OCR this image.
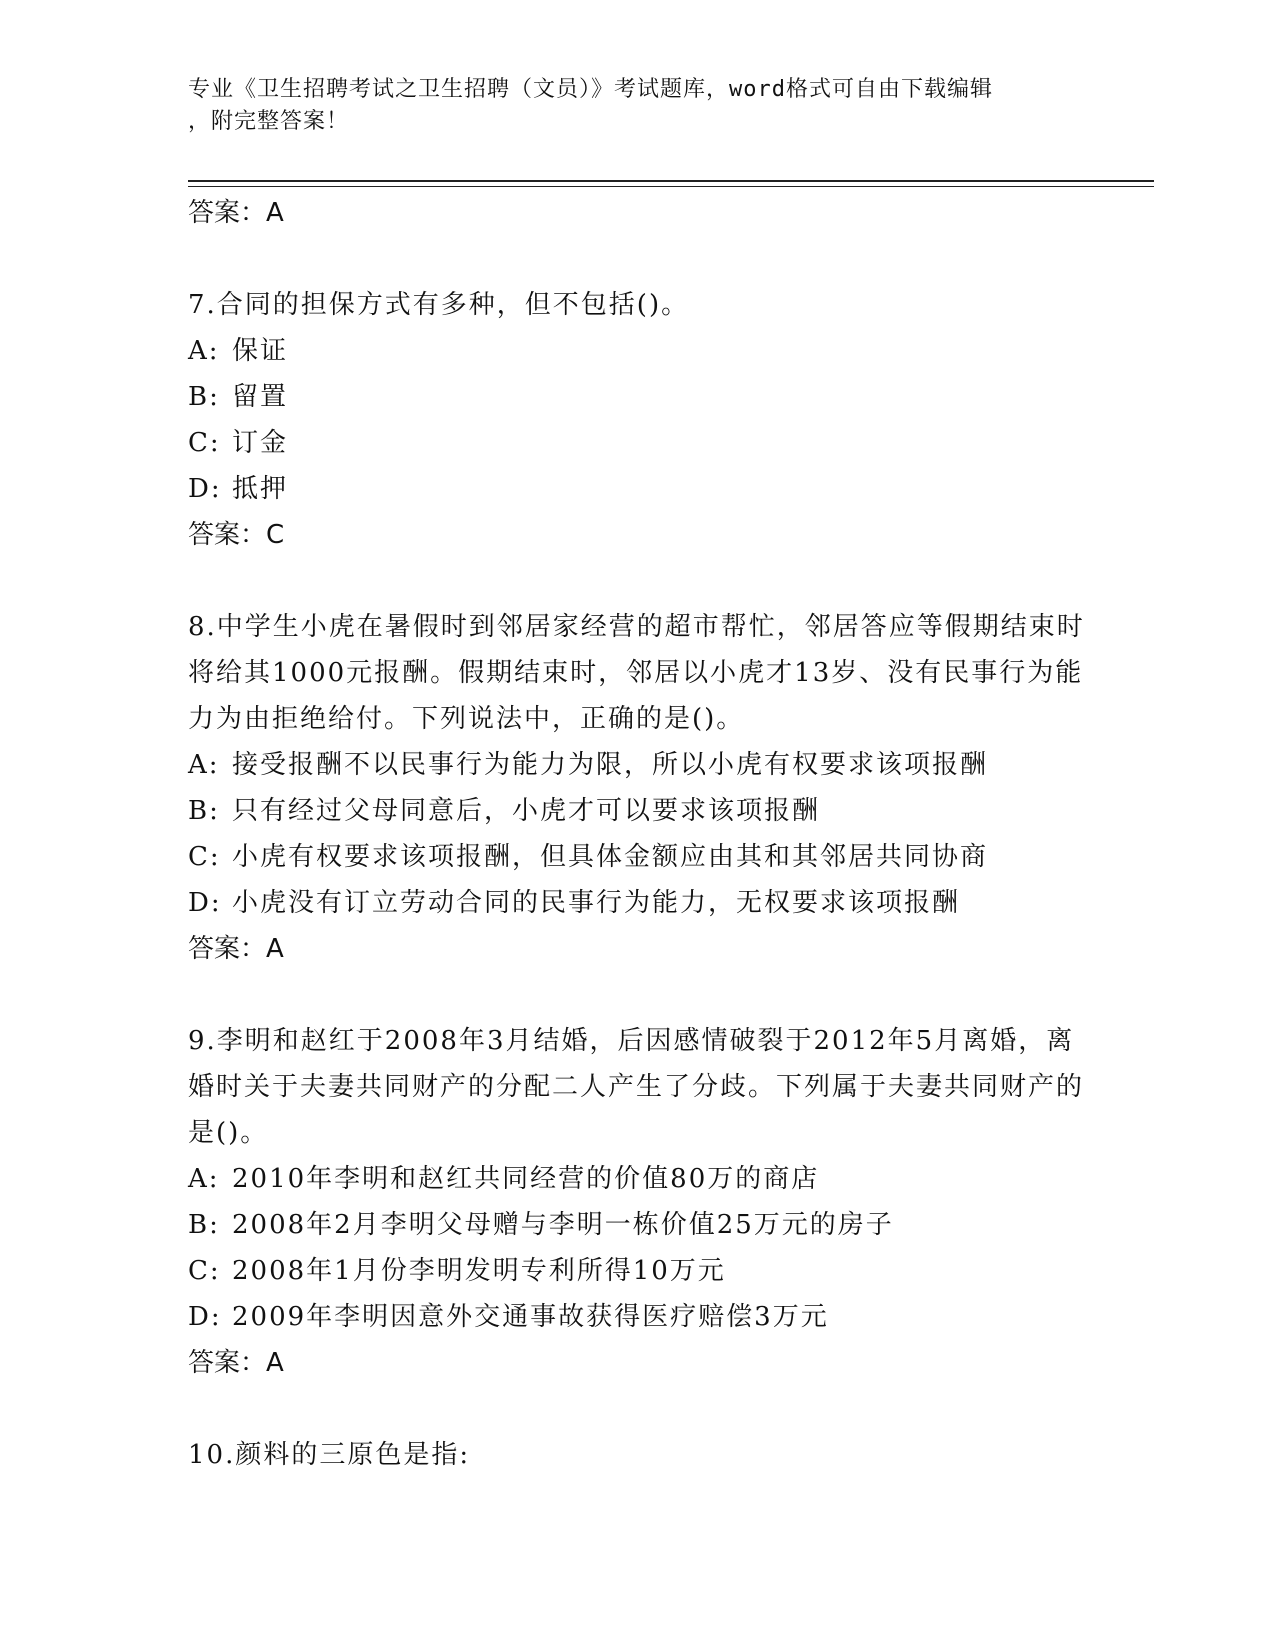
专业《卫生招聘考试之卫生招聘（文员）》考试题库，word格式可自由下载编辑
，附完整答案！

答案：A

7.合同的担保方式有多种，但不包括()。

A: 保证
B: 留置
C: 订金
D: 抵押

答案：C

8.中学生小虎在暑假时到邻居家经营的超市帮忙，邻居答应等假期结束时将给其1000元报酬。假期结束时，邻居以小虎才13岁、没有民事行为能力为由拒绝给付。下列说法中，正确的是()。

A: 接受报酬不以民事行为能力为限，所以小虎有权要求该项报酬
B: 只有经过父母同意后，小虎才可以要求该项报酬
C: 小虎有权要求该项报酬，但具体金额应由其和其邻居共同协商
D: 小虎没有订立劳动合同的民事行为能力，无权要求该项报酬

答案：A

9.李明和赵红于2008年3月结婚，后因感情破裂于2012年5月离婚，离婚时关于夫妻共同财产的分配二人产生了分歧。下列属于夫妻共同财产的是()。

A: 2010年李明和赵红共同经营的价值80万的商店
B: 2008年2月李明父母赠与李明一栋价值25万元的房子
C: 2008年1月份李明发明专利所得10万元
D: 2009年李明因意外交通事故获得医疗赔偿3万元

答案：A

10.颜料的三原色是指:
